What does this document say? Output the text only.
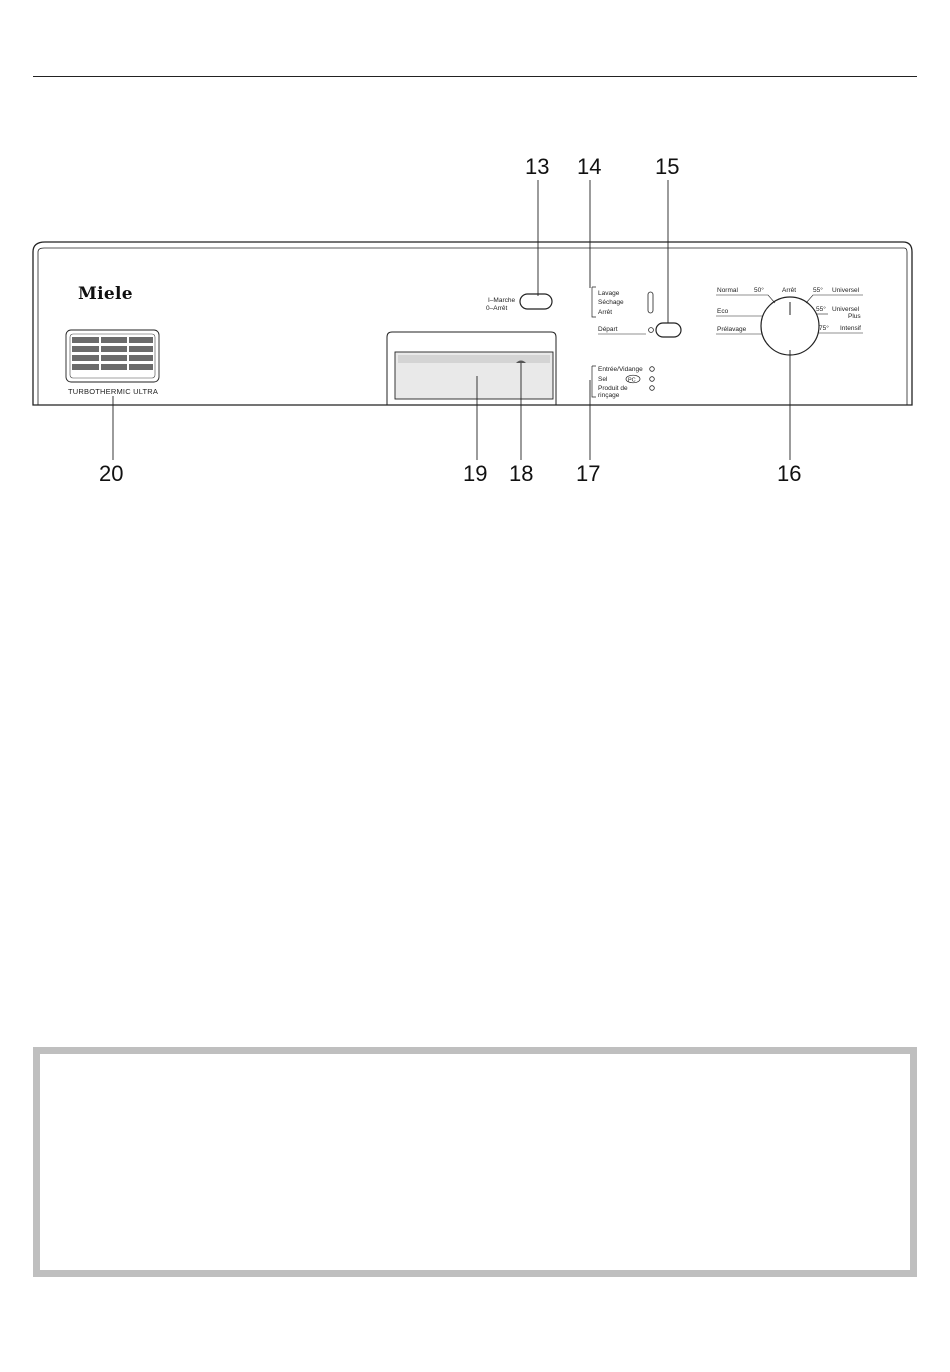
13 14 15
16
17
18
19
20
Miele
TURBOTHERMIC ULTRA
I–Marche
0–Arrêt
Lavage
Séchage
Arrêt
Départ
Entrée/Vidange
Sel	PC
Produit de
rinçage
Normal 50°	Arrêt	55° Universel
Eco	55° Universel
Plus
Prélavage	75° Intensif
